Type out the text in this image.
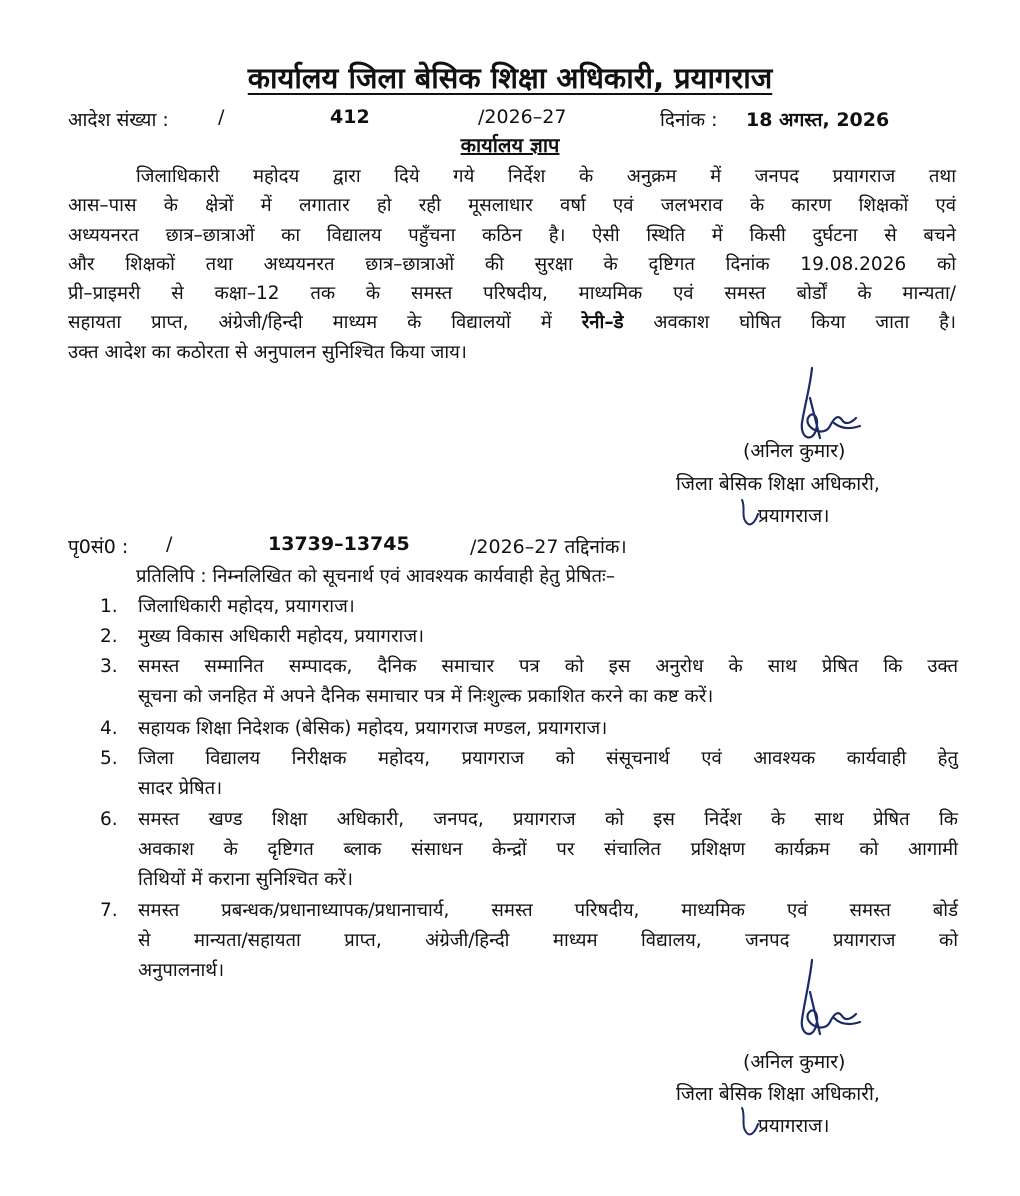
कार्यालय जिला बेसिक शिक्षा अधिकारी, प्रयागराज
आदेश संख्या :	/	412	/2026–27	दिनांक : 18 अगस्त, 2026
कार्यालय ज्ञाप
जिलाधिकारी महोदय द्वारा दिये गये निर्देश के अनुक्रम में जनपद प्रयागराज तथा
आस–पास के क्षेत्रों में लगातार हो रही मूसलाधार वर्षा एवं जलभराव के कारण शिक्षकों एवं
अध्ययनरत छात्र–छात्राओं का विद्यालय पहुँचना कठिन है। ऐसी स्थिति में किसी दुर्घटना से बचने
और शिक्षकों तथा अध्ययनरत छात्र–छात्राओं की सुरक्षा के दृष्टिगत दिनांक 19.08.2026 को
प्री–प्राइमरी से कक्षा–12 तक के समस्त परिषदीय, माध्यमिक एवं समस्त बोर्डों के मान्यता/
सहायता प्राप्त, अंग्रेजी/हिन्दी माध्यम के विद्यालयों में रेनी–डे अवकाश घोषित किया जाता है।
उक्त आदेश का कठोरता से अनुपालन सुनिश्चित किया जाय।
(अनिल कुमार)
जिला बेसिक शिक्षा अधिकारी,
प्रयागराज।
पृ0सं0 : /	13739–13745	/2026–27 तद्दिनांक।
प्रतिलिपि : निम्नलिखित को सूचनार्थ एवं आवश्यक कार्यवाही हेतु प्रेषितः–
1.	जिलाधिकारी महोदय, प्रयागराज।
2.	मुख्य विकास अधिकारी महोदय, प्रयागराज।
3.	समस्त सम्मानित सम्पादक, दैनिक समाचार पत्र को इस अनुरोध के साथ प्रेषित कि उक्त
सूचना को जनहित में अपने दैनिक समाचार पत्र में निःशुल्क प्रकाशित करने का कष्ट करें।
4.	सहायक शिक्षा निदेशक (बेसिक) महोदय, प्रयागराज मण्डल, प्रयागराज।
5.	जिला विद्यालय निरीक्षक महोदय, प्रयागराज को संसूचनार्थ एवं आवश्यक कार्यवाही हेतु
सादर प्रेषित।
6.	समस्त खण्ड शिक्षा अधिकारी, जनपद, प्रयागराज को इस निर्देश के साथ प्रेषित कि
अवकाश के दृष्टिगत ब्लाक संसाधन केन्द्रों पर संचालित प्रशिक्षण कार्यक्रम को आगामी
तिथियों में कराना सुनिश्चित करें।
7.	समस्त प्रबन्धक/प्रधानाध्यापक/प्रधानाचार्य, समस्त परिषदीय, माध्यमिक एवं समस्त बोर्ड
से मान्यता/सहायता प्राप्त, अंग्रेजी/हिन्दी माध्यम विद्यालय, जनपद प्रयागराज को
अनुपालनार्थ।
(अनिल कुमार)
जिला बेसिक शिक्षा अधिकारी,
प्रयागराज।
